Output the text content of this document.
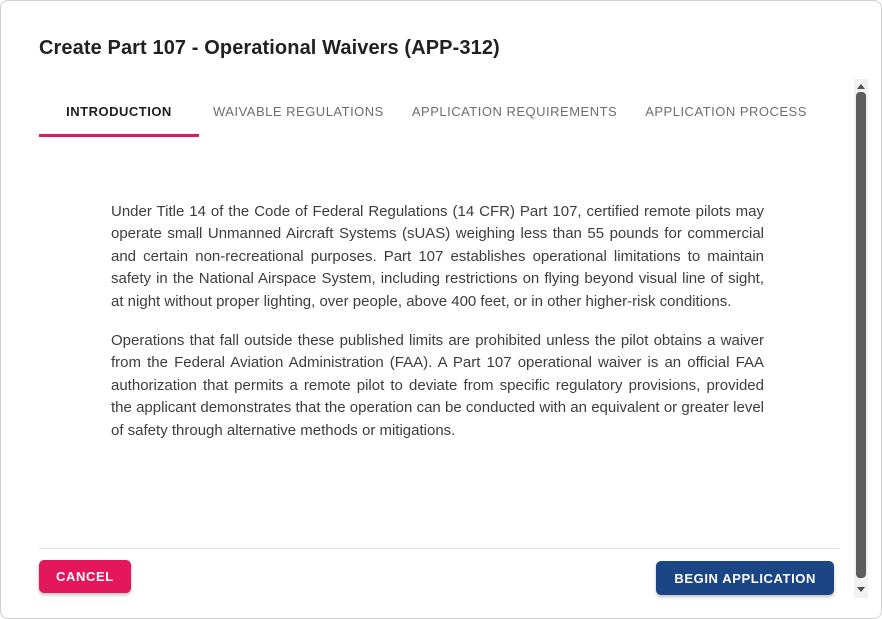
Create Part 107 - Operational Waivers (APP-312)
INTRODUCTION	WAIVABLE REGULATIONS APPLICATION REQUIREMENTS APPLICATION PROCESS

Under Title 14 of the Code of Federal Regulations (14 CFR) Part 107, certified remote pilots may operate small Unmanned Aircraft Systems (sUAS) weighing less than 55 pounds for commercial and certain non-recreational purposes. Part 107 establishes operational limitations to maintain safety in the National Airspace System, including restrictions on flying beyond visual line of sight, at night without proper lighting, over people, above 400 feet, or in other higher-risk conditions.

Operations that fall outside these published limits are prohibited unless the pilot obtains a waiver from the Federal Aviation Administration (FAA). A Part 107 operational waiver is an official FAA authorization that permits a remote pilot to deviate from specific regulatory provisions, provided the applicant demonstrates that the operation can be conducted with an equivalent or greater level of safety through alternative methods or mitigations.

CANCEL	BEGIN APPLICATION
